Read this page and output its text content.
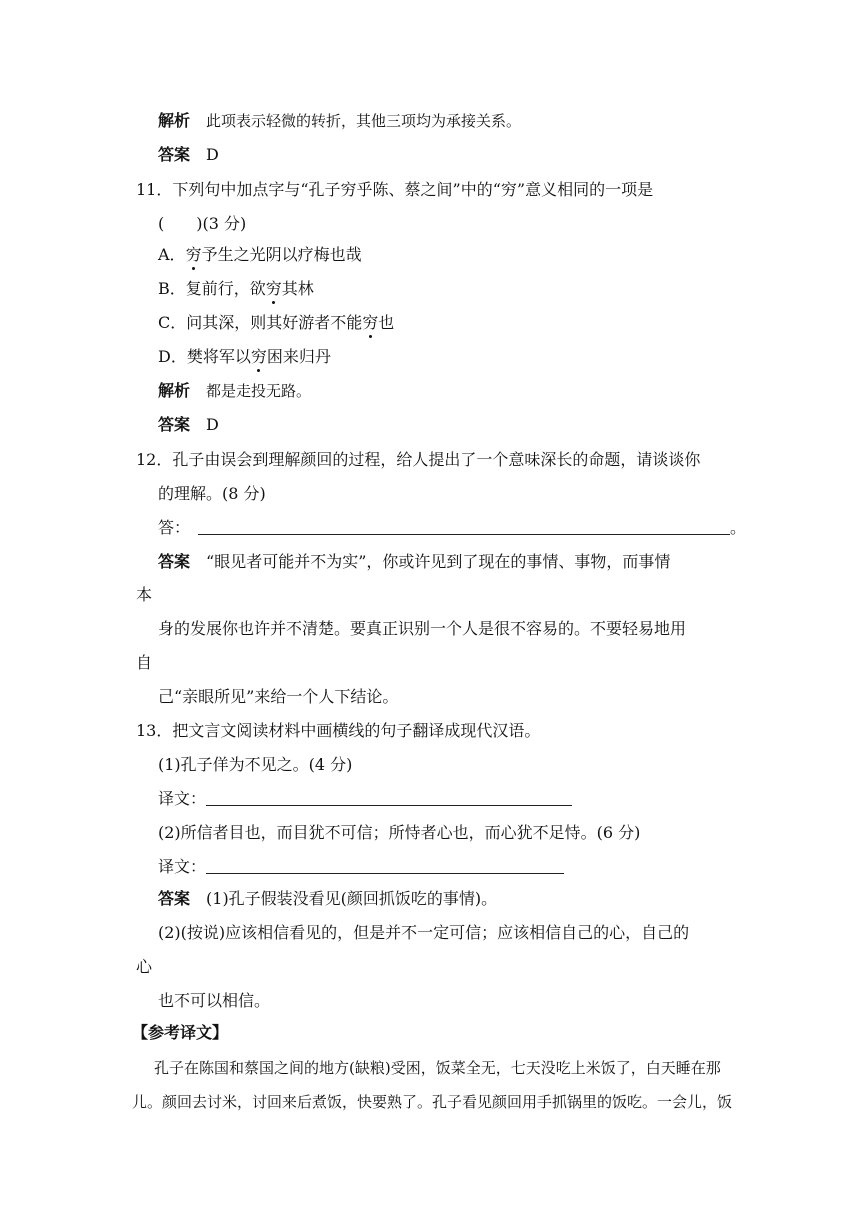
解析 此项表示轻微的转折，其他三项均为承接关系。
答案 D
11．下列句中加点字与“孔子穷乎陈、蔡之间”中的“穷”意义相同的一项是
(　　)(3 分)
A．穷予生之光阴以疗梅也哉
B．复前行，欲穷其林
C．问其深，则其好游者不能穷也
D．樊将军以穷困来归丹
解析 都是走投无路。
答案 D
12．孔子由误会到理解颜回的过程，给人提出了一个意味深长的命题，请谈谈你
的理解。(8 分)
答：	。
答案 “眼见者可能并不为实”，你或许见到了现在的事情、事物，而事情
本
身的发展你也许并不清楚。要真正识别一个人是很不容易的。不要轻易地用
自
己“亲眼所见”来给一个人下结论。
13．把文言文阅读材料中画横线的句子翻译成现代汉语。
(1)孔子佯为不见之。(4 分)
译文：
(2)所信者目也，而目犹不可信；所恃者心也，而心犹不足恃。(6 分)
译文：
答案 (1)孔子假装没看见(颜回抓饭吃的事情)。
(2)(按说)应该相信看见的，但是并不一定可信；应该相信自己的心，自己的
心
也不可以相信。
【参考译文】
孔子在陈国和蔡国之间的地方(缺粮)受困，饭菜全无，七天没吃上米饭了，白天睡在那
儿。颜回去讨米，讨回来后煮饭，快要熟了。孔子看见颜回用手抓锅里的饭吃。一会儿，饭
